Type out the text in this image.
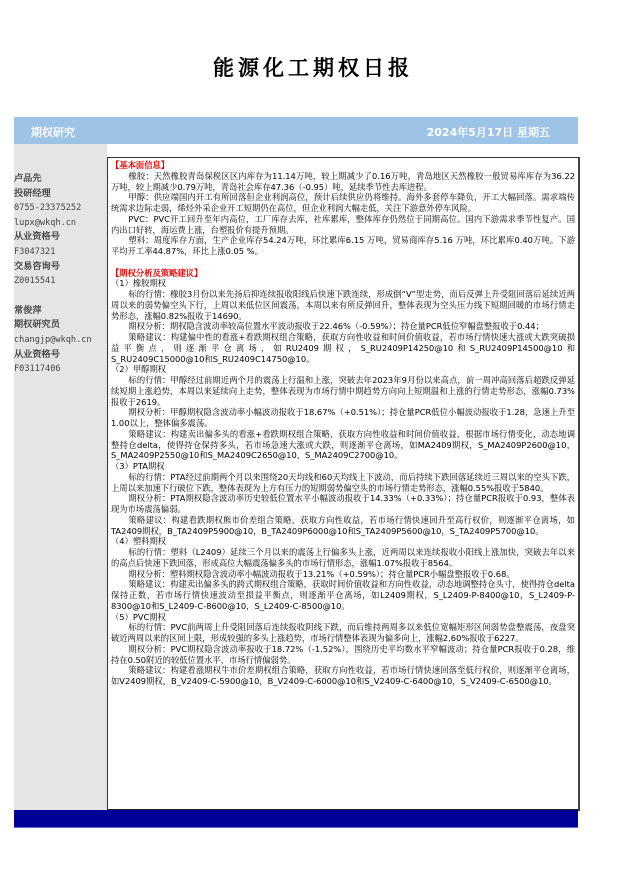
能源化工期权日报
期权研究	2024年5月17日 星期五
卢品先
投研经理
0755-23375252
lupx@wkqh.cn
从业资格号
F3047321
交易咨询号
Z0015541
常俊萍
期权研究员
changjp@wkqh.cn
从业资格号
F03117406
【基本面信息】

橡胶：天然橡胶青岛保税区区内库存为11.14万吨，较上期减少了0.16万吨，青岛地区天然橡胶一般贸易库库存为36.22万吨，较上期减少0.79万吨，青岛社会库存47.36（-0.95）吨，延续季节性去库进程。

甲醇：供应端国内开工有所回落但企业利润高位，预计后续供应仍将维持。海外多套停车降负，开工大幅回落。需求端传统需求边际走弱，烯烃外采企业开工短期仍在高位，但企业利润大幅走低，关注下游意外停车风险。

PVC：PVC开工回升至年内高位，工厂库存去库，社库累库，整体库存仍然位于同期高位。国内下游需求季节性复产。国内出口好转，海运费上涨，台塑报价有提升预期。

塑料：周度库存方面，生产企业库存54.24万吨，环比累库6.15 万吨，贸易商库存5.16 万吨，环比累库0.40万吨。下游平均开工率44.87%，环比上涨0.05 %。

【期权分析及策略建议】

（1）橡胶期权

标的行情：橡胶3月份以来先扬后抑连续报收阳线后快速下跌连续，形成倒“V”型走势，而后反弹上升受阻回落后延续近两周以来的弱势偏空头下行，上周以来低位区间震荡，本周以来有所反弹回升，整体表现为空头压力线下短期回暖的市场行情走势形态，涨幅0.82%报收于14690。

期权分析：期权隐含波动率较高位置水平波动报收于22.46%（-0.59%）；持仓量PCR低位窄幅盘整报收于0.44；

策略建议：构建偏中性的看涨+看跌期权组合策略，获取方向性收益和时间价值收益，若市场行情快速大涨或大跌突破损益平衡点，则逐渐平仓离场，如RU2409期权，S_RU2409P14250@10和S_RU2409P14500@10和S_RU2409C15000@10和S_RU2409C14750@10。

（2）甲醇期权

标的行情：甲醇经过前期近两个月的震荡上行温和上涨，突破去年2023年9月份以来高点，前一周冲高回落后超跌反弹延续短期上涨趋势，本周以来延续向上走势，整体表现为市场行情中期趋势方向向上短期温和上涨的行情走势形态，涨幅0.73%报收于2619。

期权分析：甲醇期权隐含波动率小幅波动报收于18.67%（+0.51%）；持仓量PCR低位小幅波动报收于1.28，急速上升至1.00以上，整体偏多震荡。

策略建议：构建卖出偏多头的看涨+看跌期权组合策略，获取方向性收益和时间价值收益，根据市场行情变化，动态地调整持仓delta，使得持仓保持多头，若市场急速大涨或大跌，则逐渐平仓离场，如MA2409期权，S_MA2409P2600@10，S_MA2409P2550@10和S_MA2409C2650@10，S_MA2409C2700@10。

（3）PTA期权

标的行情：PTA经过前期两个月以来围绕20天均线和60天均线上下波动，而后持续下跌回落延续近三周以来的空头下跌，上周以来加速下行破位下跌，整体表现为上方有压力的短期弱势偏空头的市场行情走势形态，涨幅0.55%报收于5840。

期权分析：PTA期权隐含波动率历史较低位置水平小幅波动报收于14.33%（+0.33%）；持仓量PCR报收于0.93，整体表现为市场震荡偏弱。

策略建议：构建看跌期权熊市价差组合策略，获取方向性收益，若市场行情快速回升至高行权价，则逐渐平仓离场，如TA2409期权，B_TA2409P5900@10，B_TA2409P6000@10和S_TA2409P5600@10，S_TA2409P5700@10。

（4）塑料期权

标的行情：塑料（L2409）延续三个月以来的震荡上行偏多头上涨，近两周以来连续报收小阳线上涨加快，突破去年以来的高点后快速下跌回落，形成高位大幅震荡偏多头的市场行情形态，涨幅1.07%报收于8564。

期权分析：塑料期权隐含波动率小幅波动报收于13.21%（+0.59%）；持仓量PCR小幅盘整报收于0.68。

策略建议：构建卖出偏多头的跨式期权组合策略，获取时间价值收益和方向性收益，动态地调整持仓头寸，使得持仓delta保持正数，若市场行情快速波动至损益平衡点，则逐渐平仓离场，如L2409期权，S_L2409-P-8400@10，S_L2409-P-8300@10和S_L2409-C-8600@10，S_L2409-C-8500@10。

（5）PVC期权

标的行情：PVC前两周上升受阻回落后连续报收阴线下跌，而后维持两周多以来低位宽幅矩形区间弱势盘整震荡，夜盘突破近两周以来的区间上限，形成较强的多头上涨趋势，市场行情整体表现为偏多向上，涨幅2.60%报收于6227。

期权分析：PVC期权隐含波动率报收于18.72%（-1.52%），围绕历史平均数水平窄幅波动；持仓量PCR报收于0.28，维持在0.50附近的较低位置水平，市场行情偏弱势。

策略建议：构建看涨期权牛市价差期权组合策略，获取方向性收益，若市场行情快速回落至低行权价，则逐渐平仓离场，如V2409期权，B_V2409-C-5900@10，B_V2409-C-6000@10和S_V2409-C-6400@10，S_V2409-C-6500@10。
